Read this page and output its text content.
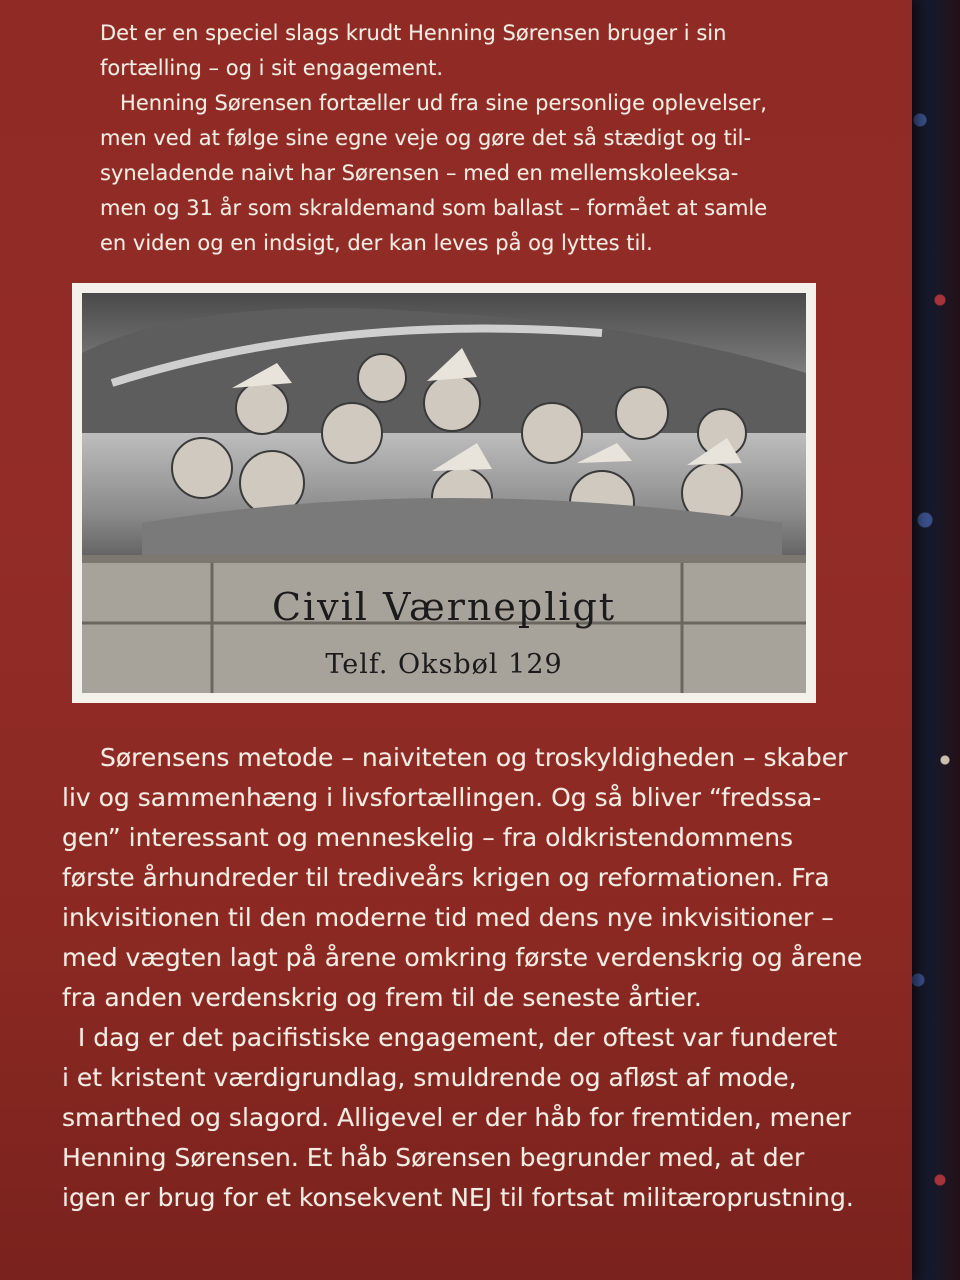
Det er en speciel slags krudt Henning Sørensen bruger i sin
fortælling – og i sit engagement.
Henning Sørensen fortæller ud fra sine personlige oplevelser,
men ved at følge sine egne veje og gøre det så stædigt og til-
syneladende naivt har Sørensen – med en mellemskoleeksa-
men og 31 år som skraldemand som ballast – formået at samle
en viden og en indsigt, der kan leves på og lyttes til.
Civil Værnepligt
Telf. Oksbøl 129
Sørensens metode – naiviteten og troskyldigheden – skaber
liv og sammenhæng i livsfortællingen. Og så bliver “fredssa-
gen” interessant og menneskelig – fra oldkristendommens
første århundreder til trediveårs krigen og reformationen. Fra
inkvisitionen til den moderne tid med dens nye inkvisitioner –
med vægten lagt på årene omkring første verdenskrig og årene
fra anden verdenskrig og frem til de seneste årtier.
I dag er det pacifistiske engagement, der oftest var funderet
i et kristent værdigrundlag, smuldrende og afløst af mode,
smarthed og slagord. Alligevel er der håb for fremtiden, mener
Henning Sørensen. Et håb Sørensen begrunder med, at der
igen er brug for et konsekvent NEJ til fortsat militæroprustning.
